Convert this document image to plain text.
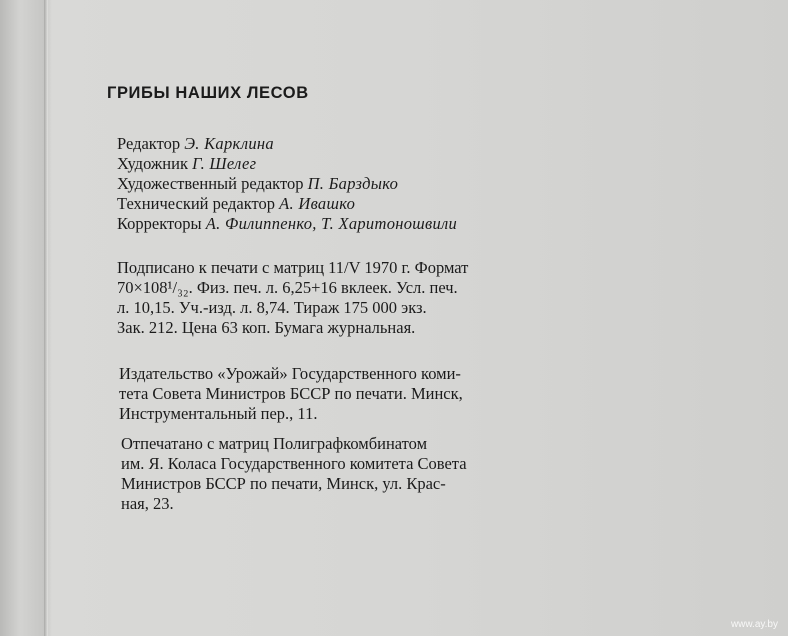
ГРИБЫ НАШИХ ЛЕСОВ
Редактор Э. Карклина
Художник Г. Шелег
Художественный редактор П. Барздыко
Технический редактор А. Ивашко
Корректоры А. Филиппенко, Т. Харитоношвили
Подписано к печати с матриц 11/V 1970 г. Формат
70×108¹/₃₂. Физ. печ. л. 6,25+16 вклеек. Усл. печ.
л. 10,15. Уч.-изд. л. 8,74. Тираж 175 000 экз.
Зак. 212. Цена 63 коп. Бумага журнальная.
Издательство «Урожай» Государственного коми-
тета Совета Министров БССР по печати. Минск,
Инструментальный пер., 11.
Отпечатано с матриц Полиграфкомбинатом
им. Я. Коласа Государственного комитета Совета
Министров БССР по печати, Минск, ул. Крас-
ная, 23.
www.ay.by
